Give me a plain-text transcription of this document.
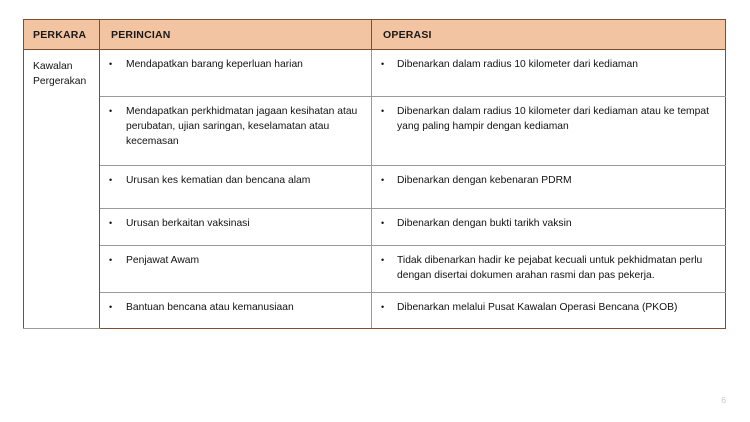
PERKARA	PERINCIAN	OPERASI

Kawalan Pergerakan	• Mendapatkan barang keperluan harian	• Dibenarkan dalam radius 10 kilometer dari kediaman

	• Mendapatkan perkhidmatan jagaan kesihatan atau perubatan, ujian saringan, keselamatan atau kecemasan	• Dibenarkan dalam radius 10 kilometer dari kediaman atau ke tempat yang paling hampir dengan kediaman

	• Urusan kes kematian dan bencana alam	• Dibenarkan dengan kebenaran PDRM

	• Urusan berkaitan vaksinasi	• Dibenarkan dengan bukti tarikh vaksin

	• Penjawat Awam	• Tidak dibenarkan hadir ke pejabat kecuali untuk pekhidmatan perlu dengan disertai dokumen arahan rasmi dan pas pekerja.

	• Bantuan bencana atau kemanusiaan	• Dibenarkan melalui Pusat Kawalan Operasi Bencana (PKOB)
6
